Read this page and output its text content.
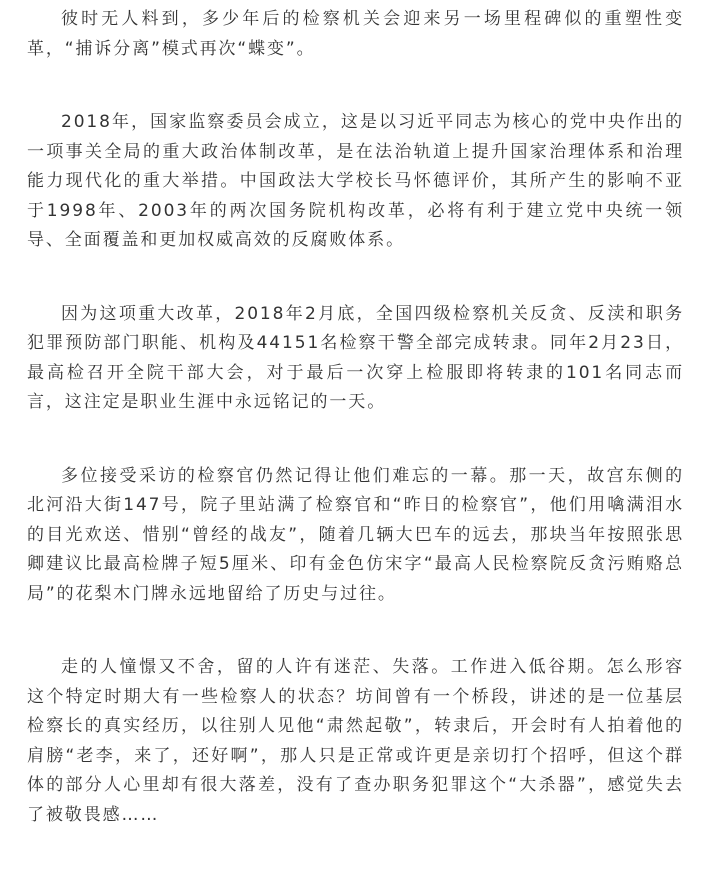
彼时无人料到，多少年后的检察机关会迎来另一场里程碑似的重塑性变革，“捕诉分离”模式再次“蝶变”。

2018年，国家监察委员会成立，这是以习近平同志为核心的党中央作出的一项事关全局的重大政治体制改革，是在法治轨道上提升国家治理体系和治理能力现代化的重大举措。中国政法大学校长马怀德评价，其所产生的影响不亚于1998年、2003年的两次国务院机构改革，必将有利于建立党中央统一领导、全面覆盖和更加权威高效的反腐败体系。

因为这项重大改革，2018年2月底，全国四级检察机关反贪、反渎和职务犯罪预防部门职能、机构及44151名检察干警全部完成转隶。同年2月23日，最高检召开全院干部大会，对于最后一次穿上检服即将转隶的101名同志而言，这注定是职业生涯中永远铭记的一天。

多位接受采访的检察官仍然记得让他们难忘的一幕。那一天，故宫东侧的北河沿大街147号，院子里站满了检察官和“昨日的检察官”，他们用噙满泪水的目光欢送、惜别“曾经的战友”，随着几辆大巴车的远去，那块当年按照张思卿建议比最高检牌子短5厘米、印有金色仿宋字“最高人民检察院反贪污贿赂总局”的花梨木门牌永远地留给了历史与过往。

走的人憧憬又不舍，留的人许有迷茫、失落。工作进入低谷期。怎么形容这个特定时期大有一些检察人的状态？坊间曾有一个桥段，讲述的是一位基层检察长的真实经历，以往别人见他“肃然起敬”，转隶后，开会时有人拍着他的肩膀“老李，来了，还好啊”，那人只是正常或许更是亲切打个招呼，但这个群体的部分人心里却有很大落差，没有了查办职务犯罪这个“大杀器”，感觉失去了被敬畏感……
